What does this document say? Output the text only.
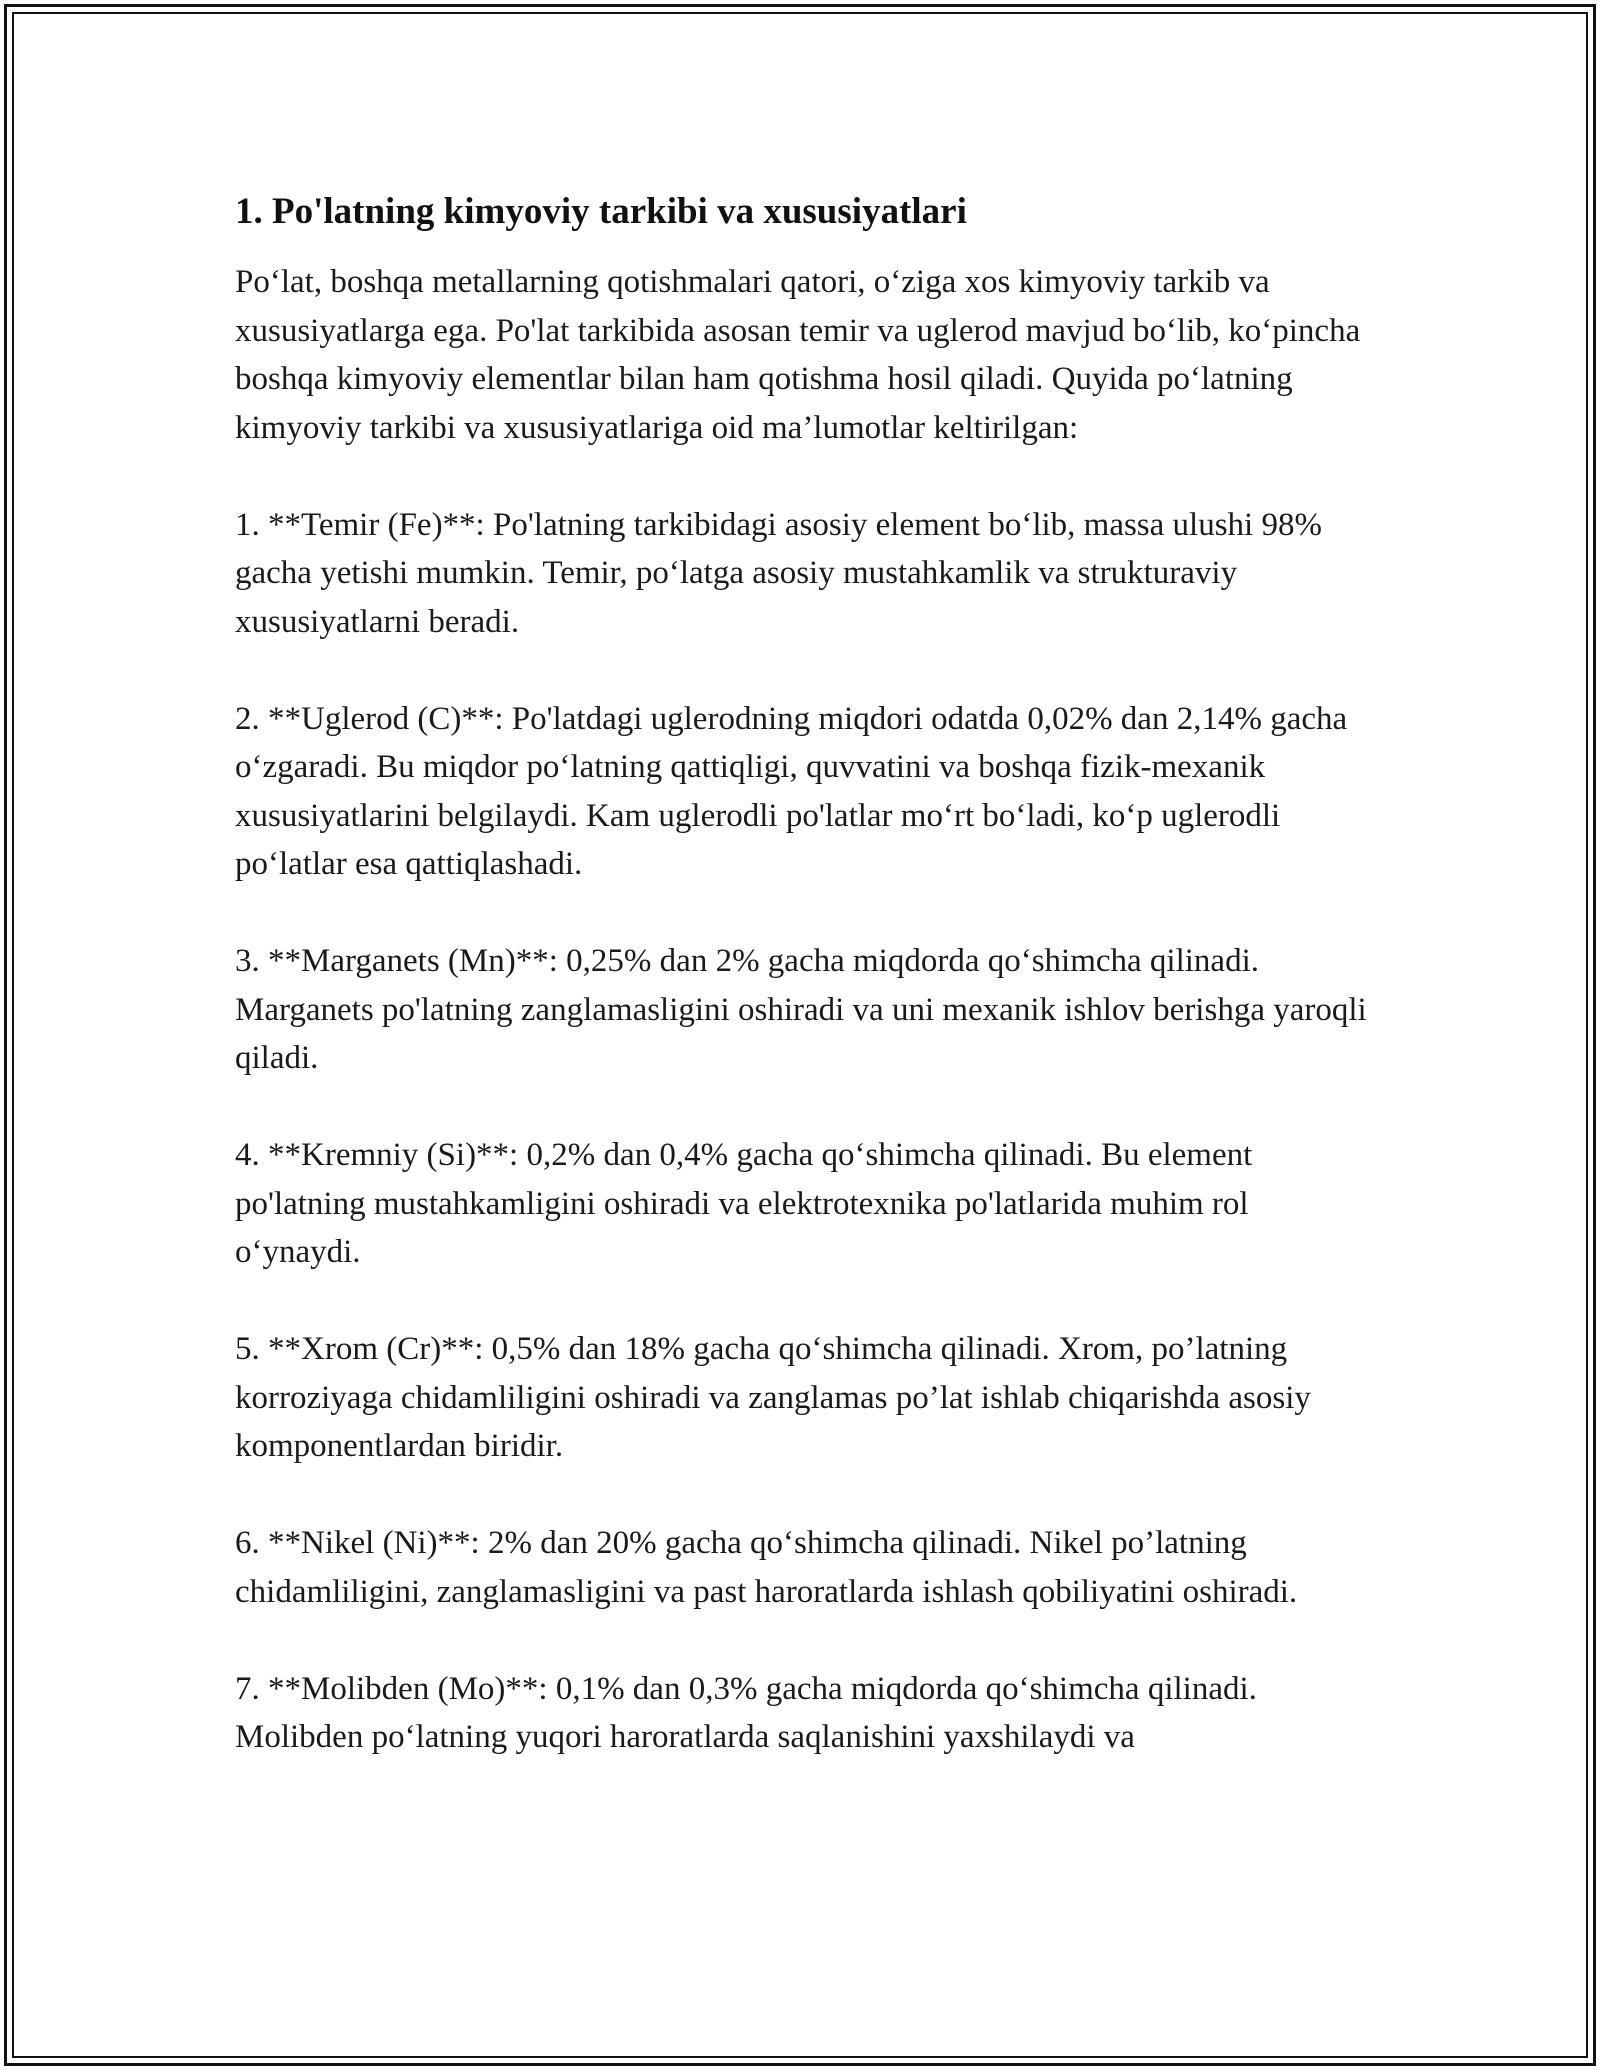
1. Po'latning kimyoviy tarkibi va xususiyatlari

Po‘lat, boshqa metallarning qotishmalari qatori, o‘ziga xos kimyoviy tarkib va xususiyatlarga ega. Po'lat tarkibida asosan temir va uglerod mavjud bo‘lib, ko‘pincha boshqa kimyoviy elementlar bilan ham qotishma hosil qiladi. Quyida po‘latning kimyoviy tarkibi va xususiyatlariga oid ma’lumotlar keltirilgan:

1. **Temir (Fe)**: Po'latning tarkibidagi asosiy element bo‘lib, massa ulushi 98% gacha yetishi mumkin. Temir, po‘latga asosiy mustahkamlik va strukturaviy xususiyatlarni beradi.

2. **Uglerod (C)**: Po'latdagi uglerodning miqdori odatda 0,02% dan 2,14% gacha o‘zgaradi. Bu miqdor po‘latning qattiqligi, quvvatini va boshqa fizik-mexanik xususiyatlarini belgilaydi. Kam uglerodli po'latlar mo‘rt bo‘ladi, ko‘p uglerodli po‘latlar esa qattiqlashadi.

3. **Marganets (Mn)**: 0,25% dan 2% gacha miqdorda qo‘shimcha qilinadi. Marganets po'latning zanglamasligini oshiradi va uni mexanik ishlov berishga yaroqli qiladi.

4. **Kremniy (Si)**: 0,2% dan 0,4% gacha qo‘shimcha qilinadi. Bu element po'latning mustahkamligini oshiradi va elektrotexnika po'latlarida muhim rol o‘ynaydi.

5. **Xrom (Cr)**: 0,5% dan 18% gacha qo‘shimcha qilinadi. Xrom, po’latning korroziyaga chidamliligini oshiradi va zanglamas po’lat ishlab chiqarishda asosiy komponentlardan biridir.

6. **Nikel (Ni)**: 2% dan 20% gacha qo‘shimcha qilinadi. Nikel po’latning chidamliligini, zanglamasligini va past haroratlarda ishlash qobiliyatini oshiradi.

7. **Molibden (Mo)**: 0,1% dan 0,3% gacha miqdorda qo‘shimcha qilinadi. Molibden po‘latning yuqori haroratlarda saqlanishini yaxshilaydi va
